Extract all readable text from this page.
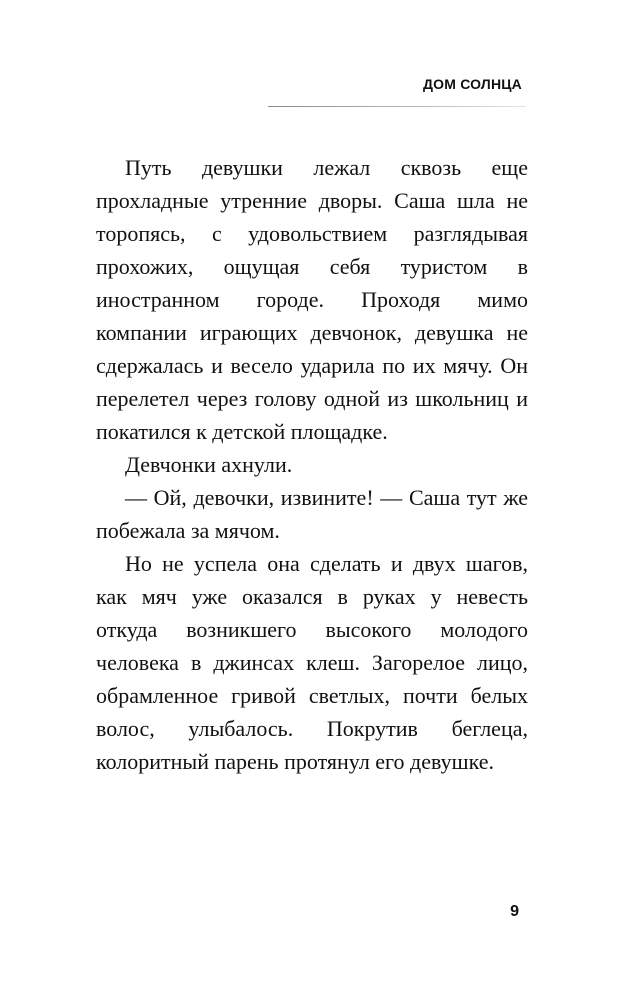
ДОМ СОЛНЦА

Путь девушки лежал сквозь еще прохладные утренние дворы. Саша шла не торопясь, с удовольствием разглядывая прохожих, ощущая себя туристом в иностранном городе. Проходя мимо компании играющих девчонок, девушка не сдержалась и весело ударила по их мячу. Он перелетел через голову одной из школьниц и покатился к детской площадке.

Девчонки ахнули.

— Ой, девочки, извините! — Саша тут же побежала за мячом.

Но не успела она сделать и двух шагов, как мяч уже оказался в руках у невесть откуда возникшего высокого молодого человека в джинсах клеш. Загорелое лицо, обрамленное гривой светлых, почти белых волос, улыбалось. Покрутив беглеца, колоритный парень протянул его девушке.

9
